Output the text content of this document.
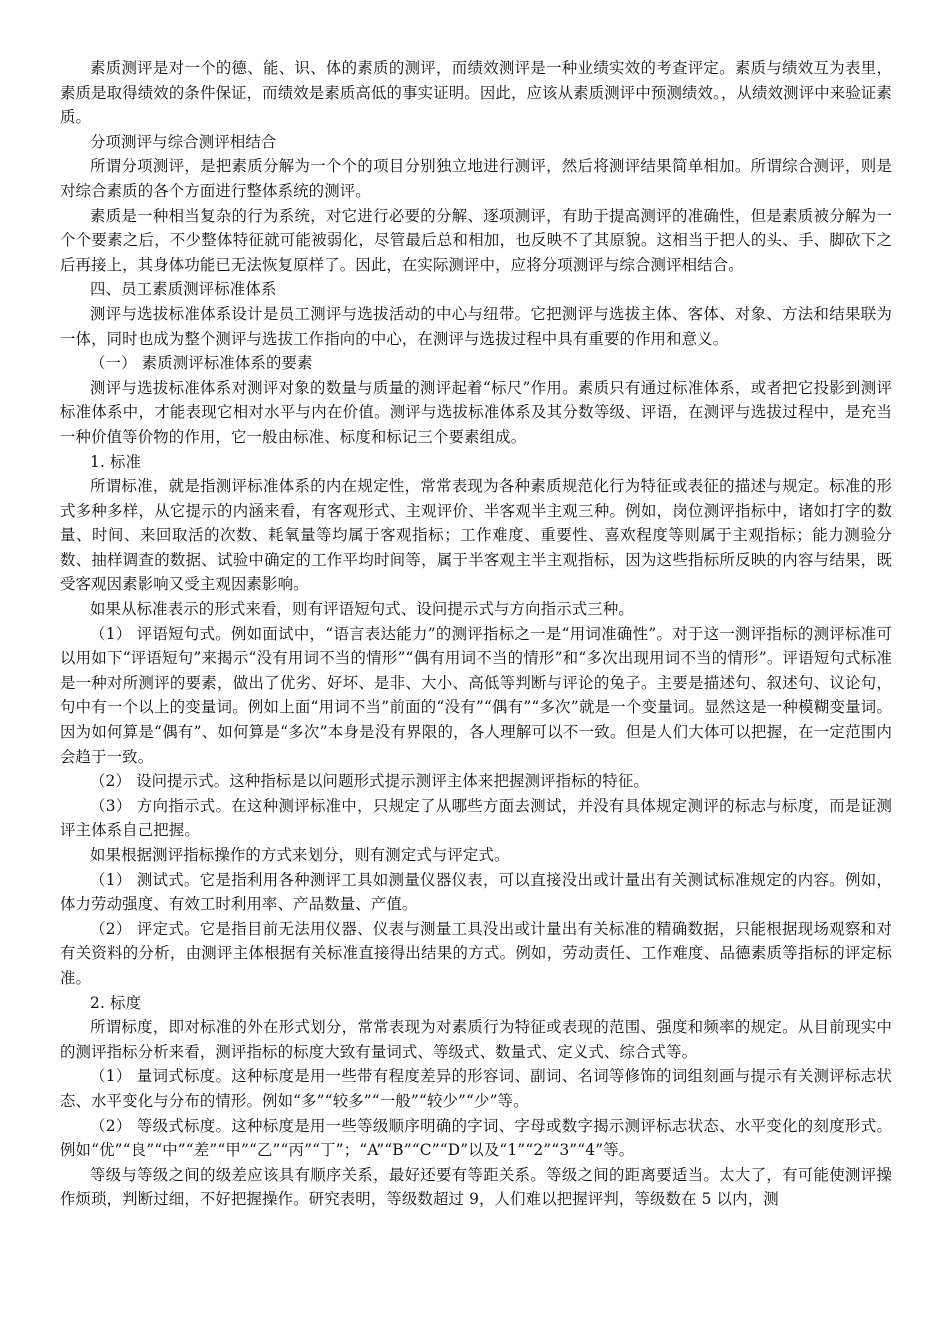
素质测评是对一个的德、能、识、体的素质的测评，而绩效测评是一种业绩实效的考查评定。素质与绩效互为表里，素质是取得绩效的条件保证，而绩效是素质高低的事实证明。因此，应该从素质测评中预测绩效。，从绩效测评中来验证素质。

分项测评与综合测评相结合

所谓分项测评，是把素质分解为一个个的项目分别独立地进行测评，然后将测评结果简单相加。所谓综合测评，则是对综合素质的各个方面进行整体系统的测评。

素质是一种相当复杂的行为系统，对它进行必要的分解、逐项测评，有助于提高测评的准确性，但是素质被分解为一个个要素之后，不少整体特征就可能被弱化，尽管最后总和相加，也反映不了其原貌。这相当于把人的头、手、脚砍下之后再接上，其身体功能已无法恢复原样了。因此，在实际测评中，应将分项测评与综合测评相结合。

四、员工素质测评标准体系

测评与选拔标准体系设计是员工测评与选拔活动的中心与纽带。它把测评与选拔主体、客体、对象、方法和结果联为一体，同时也成为整个测评与选拔工作指向的中心，在测评与选拔过程中具有重要的作用和意义。

（一） 素质测评标准体系的要素

测评与选拔标准体系对测评对象的数量与质量的测评起着“标尺”作用。素质只有通过标准体系，或者把它投影到测评标准体系中，才能表现它相对水平与内在价值。测评与选拔标准体系及其分数等级、评语，在测评与选拔过程中，是充当一种价值等价物的作用，它一般由标准、标度和标记三个要素组成。

1. 标准

所谓标准，就是指测评标准体系的内在规定性，常常表现为各种素质规范化行为特征或表征的描述与规定。标准的形式多种多样，从它提示的内涵来看，有客观形式、主观评价、半客观半主观三种。例如，岗位测评指标中，诸如打字的数量、时间、来回取活的次数、耗氧量等均属于客观指标；工作难度、重要性、喜欢程度等则属于主观指标；能力测验分数、抽样调查的数据、试验中确定的工作平均时间等，属于半客观主半主观指标，因为这些指标所反映的内容与结果，既受客观因素影响又受主观因素影响。

如果从标准表示的形式来看，则有评语短句式、设问提示式与方向指示式三种。

（1） 评语短句式。例如面试中，“语言表达能力”的测评指标之一是“用词准确性”。对于这一测评指标的测评标准可以用如下“评语短句”来揭示“没有用词不当的情形”“偶有用词不当的情形”和“多次出现用词不当的情形”。评语短句式标准是一种对所测评的要素，做出了优劣、好坏、是非、大小、高低等判断与评论的兔子。主要是描述句、叙述句、议论句，句中有一个以上的变量词。例如上面“用词不当”前面的“没有”“偶有”“多次”就是一个变量词。显然这是一种模糊变量词。因为如何算是“偶有”、如何算是“多次”本身是没有界限的，各人理解可以不一致。但是人们大体可以把握，在一定范围内会趋于一致。

（2） 设问提示式。这种指标是以问题形式提示测评主体来把握测评指标的特征。

（3） 方向指示式。在这种测评标准中，只规定了从哪些方面去测试，并没有具体规定测评的标志与标度，而是证测评主体系自己把握。

如果根据测评指标操作的方式来划分，则有测定式与评定式。

（1） 测试式。它是指利用各种测评工具如测量仪器仪表，可以直接没出或计量出有关测试标准规定的内容。例如，体力劳动强度、有效工时利用率、产品数量、产值。

（2） 评定式。它是指目前无法用仪器、仪表与测量工具没出或计量出有关标准的精确数据，只能根据现场观察和对有关资料的分析，由测评主体根据有关标准直接得出结果的方式。例如，劳动责任、工作难度、品德素质等指标的评定标准。

2. 标度

所谓标度，即对标准的外在形式划分，常常表现为对素质行为特征或表现的范围、强度和频率的规定。从目前现实中的测评指标分析来看，测评指标的标度大致有量词式、等级式、数量式、定义式、综合式等。

（1） 量词式标度。这种标度是用一些带有程度差异的形容词、副词、名词等修饰的词组刻画与提示有关测评标志状态、水平变化与分布的情形。例如“多”“较多”“一般”“较少”“少”等。

（2） 等级式标度。这种标度是用一些等级顺序明确的字词、字母或数字揭示测评标志状态、水平变化的刻度形式。例如“优”“良”“中”“差”“甲”“乙”“丙”“丁”；“A”“B”“C”“D”以及“1”“2”“3”“4”等。

等级与等级之间的级差应该具有顺序关系，最好还要有等距关系。等级之间的距离要适当。太大了，有可能使测评操作烦琐，判断过细，不好把握操作。研究表明，等级数超过 9，人们难以把握评判，等级数在 5 以内，测
